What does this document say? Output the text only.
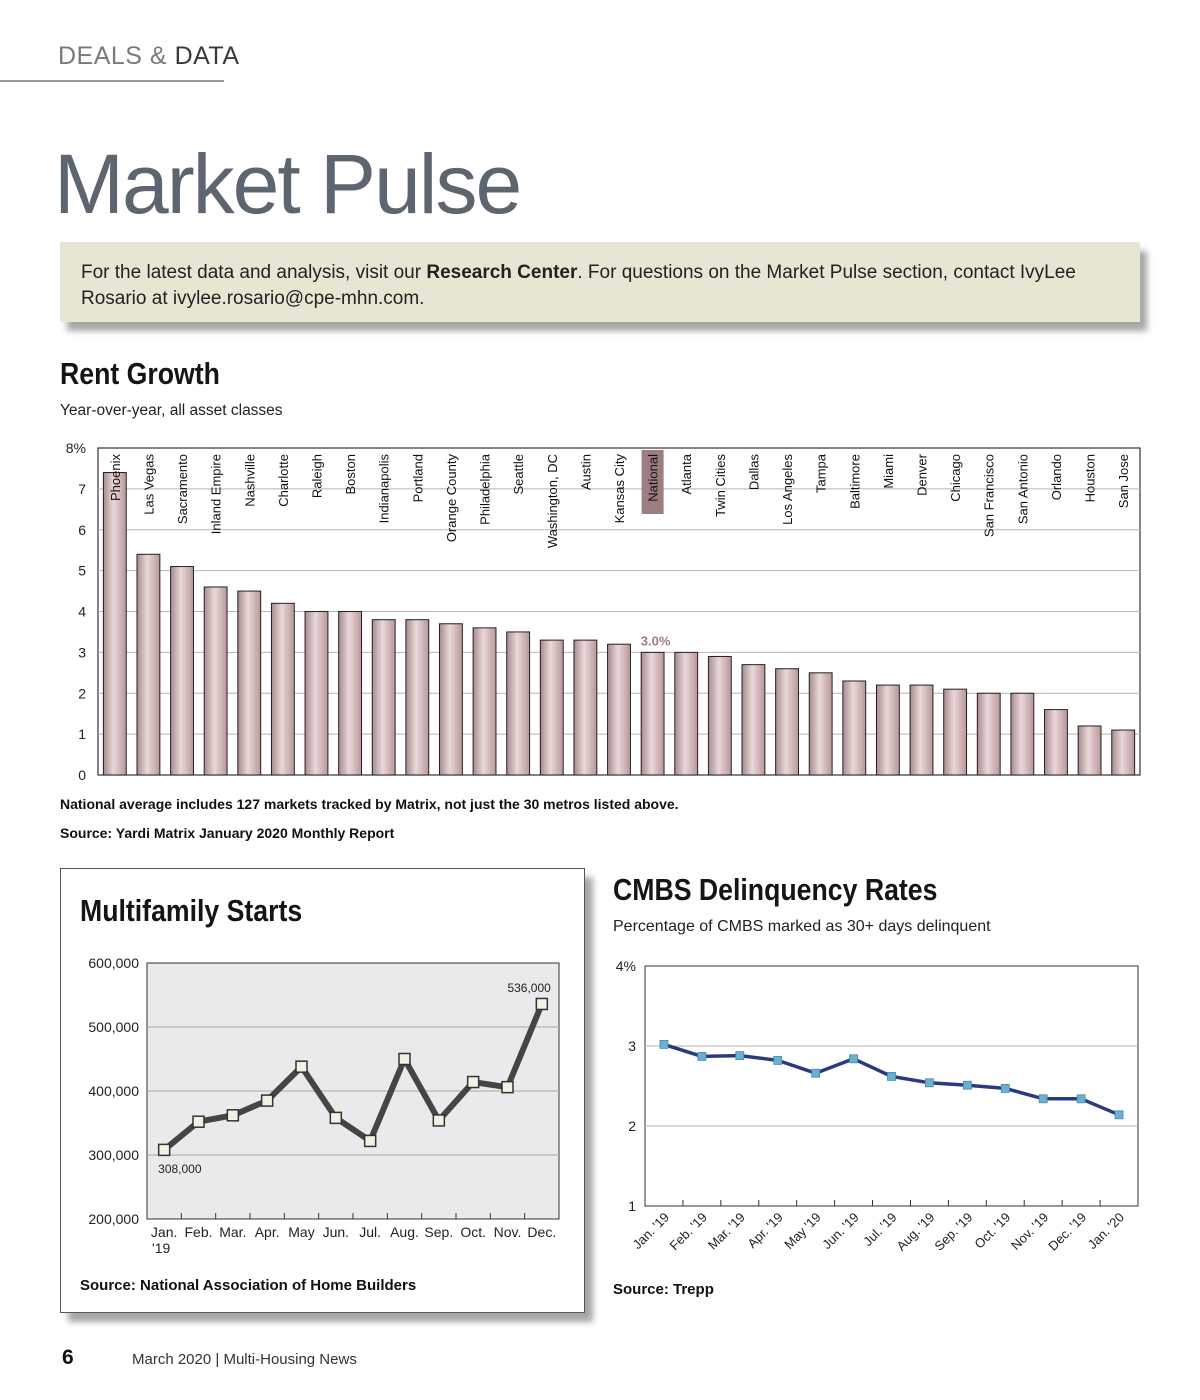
DEALS & DATA
Market Pulse
For the latest data and analysis, visit our Research Center. For questions on the Market Pulse section, contact IvyLee Rosario at ivylee.rosario@cpe-mhn.com.
Rent Growth
Year-over-year, all asset classes
0
1
2
3
4
5
6
7
8%
Phoenix Las Vegas Sacramento Inland Empire Nashville Charlotte Raleigh Boston Indianapolis Portland Orange County Philadelphia Seattle Washington, DC Austin Kansas City
3.0%
National Atlanta Twin Cities Dallas Los Angeles Tampa Baltimore Miami Denver Chicago San Francisco San Antonio Orlando Houston San Jose
National average includes 127 markets tracked by Matrix, not just the 30 metros listed above.
Source: Yardi Matrix January 2020 Monthly Report
Multifamily Starts
200,000
300,000
400,000
500,000
600,000
Jan.
'19
Feb. Mar. Apr. May Jun. Jul. Aug. Sep. Oct. Nov. Dec.
308,000
536,000
Source: National Association of Home Builders
CMBS Delinquency Rates
Percentage of CMBS marked as 30+ days delinquent
1
2
3
4%
Jan. '19
Feb. '19
Mar. '19
Apr. '19
May '19
Jun. '19
Jul. '19
Aug. '19
Sep. '19
Oct. '19
Nov. '19
Dec. '19
Jan. '20
Source: Trepp
6	March 2020 | Multi-Housing News
